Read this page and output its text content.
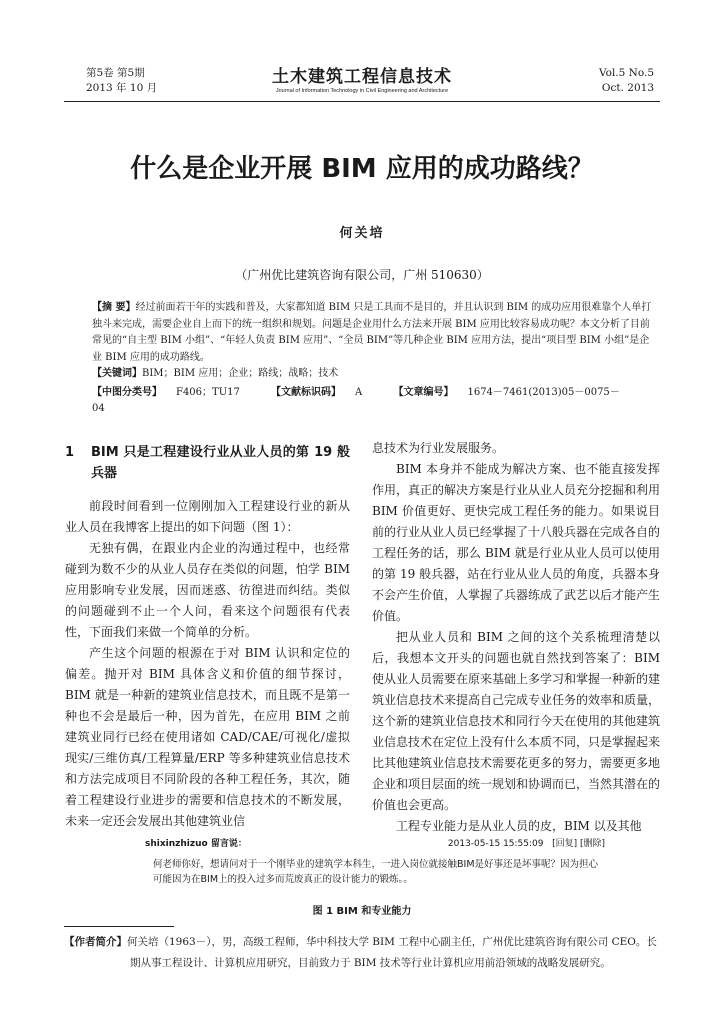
第5卷 第5期
2013 年 10 月
土木建筑工程信息技术
Journal of Information Technology in Civil Engineering and Architecture
Vol.5 No.5
Oct. 2013
什么是企业开展 BIM 应用的成功路线？
何关培
（广州优比建筑咨询有限公司，广州 510630）
【摘 要】经过前面若干年的实践和普及，大家都知道 BIM 只是工具而不是目的，并且认识到 BIM 的成功应用很难靠个人单打独斗来完成，需要企业自上而下的统一组织和规划。问题是企业用什么方法来开展 BIM 应用比较容易成功呢？本文分析了目前常见的“自主型 BIM 小组”、“年轻人负责 BIM 应用”、“全员 BIM”等几种企业 BIM 应用方法，提出“项目型 BIM 小组”是企业 BIM 应用的成功路线。
【关键词】BIM；BIM 应用；企业；路线；战略；技术
【中图分类号】 F406；TU17	【文献标识码】 A	【文章编号】 1674－7461(2013)05－0075－04
1	BIM 只是工程建设行业从业人员的第 19 般兵器

前段时间看到一位刚刚加入工程建设行业的新从业人员在我博客上提出的如下问题（图 1）：

无独有偶，在跟业内企业的沟通过程中，也经常碰到为数不少的从业人员存在类似的问题，怕学 BIM 应用影响专业发展，因而迷惑、彷徨进而纠结。类似的问题碰到不止一个人问，看来这个问题很有代表性，下面我们来做一个简单的分析。

产生这个问题的根源在于对 BIM 认识和定位的偏差。抛开对 BIM 具体含义和价值的细节探讨，BIM 就是一种新的建筑业信息技术，而且既不是第一种也不会是最后一种，因为首先，在应用 BIM 之前建筑业同行已经在使用诸如 CAD/CAE/可视化/虚拟现实/三维仿真/工程算量/ERP 等多种建筑业信息技术和方法完成项目不同阶段的各种工程任务，其次，随着工程建设行业进步的需要和信息技术的不断发展，未来一定还会发展出其他建筑业信

息技术为行业发展服务。

BIM 本身并不能成为解决方案、也不能直接发挥作用，真正的解决方案是行业从业人员充分挖掘和利用 BIM 价值更好、更快完成工程任务的能力。如果说目前的行业从业人员已经掌握了十八般兵器在完成各自的工程任务的话，那么 BIM 就是行业从业人员可以使用的第 19 般兵器，站在行业从业人员的角度，兵器本身不会产生价值，人掌握了兵器练成了武艺以后才能产生价值。

把从业人员和 BIM 之间的这个关系梳理清楚以后，我想本文开头的问题也就自然找到答案了：BIM 使从业人员需要在原来基础上多学习和掌握一种新的建筑业信息技术来提高自己完成专业任务的效率和质量，这个新的建筑业信息技术和同行今天在使用的其他建筑业信息技术在定位上没有什么本质不同，只是掌握起来比其他建筑业信息技术需要花更多的努力，需要更多地企业和项目层面的统一规划和协调而已，当然其潜在的价值也会更高。

工程专业能力是从业人员的皮，BIM 以及其他

shixinzhizuo 留言说：	2013-05-15 15:55:09 [回复] [删除]
何老师你好，想请问对于一个刚毕业的建筑学本科生，一进入岗位就接触BIM是好事还是坏事呢？因为担心可能因为在BIM上的投入过多而荒废真正的设计能力的锻炼。。
图 1 BIM 和专业能力
【作者简介】何关培（1963－），男，高级工程师，华中科技大学 BIM 工程中心副主任，广州优比建筑咨询有限公司 CEO。长
期从事工程设计、计算机应用研究，目前致力于 BIM 技术等行业计算机应用前沿领域的战略发展研究。
